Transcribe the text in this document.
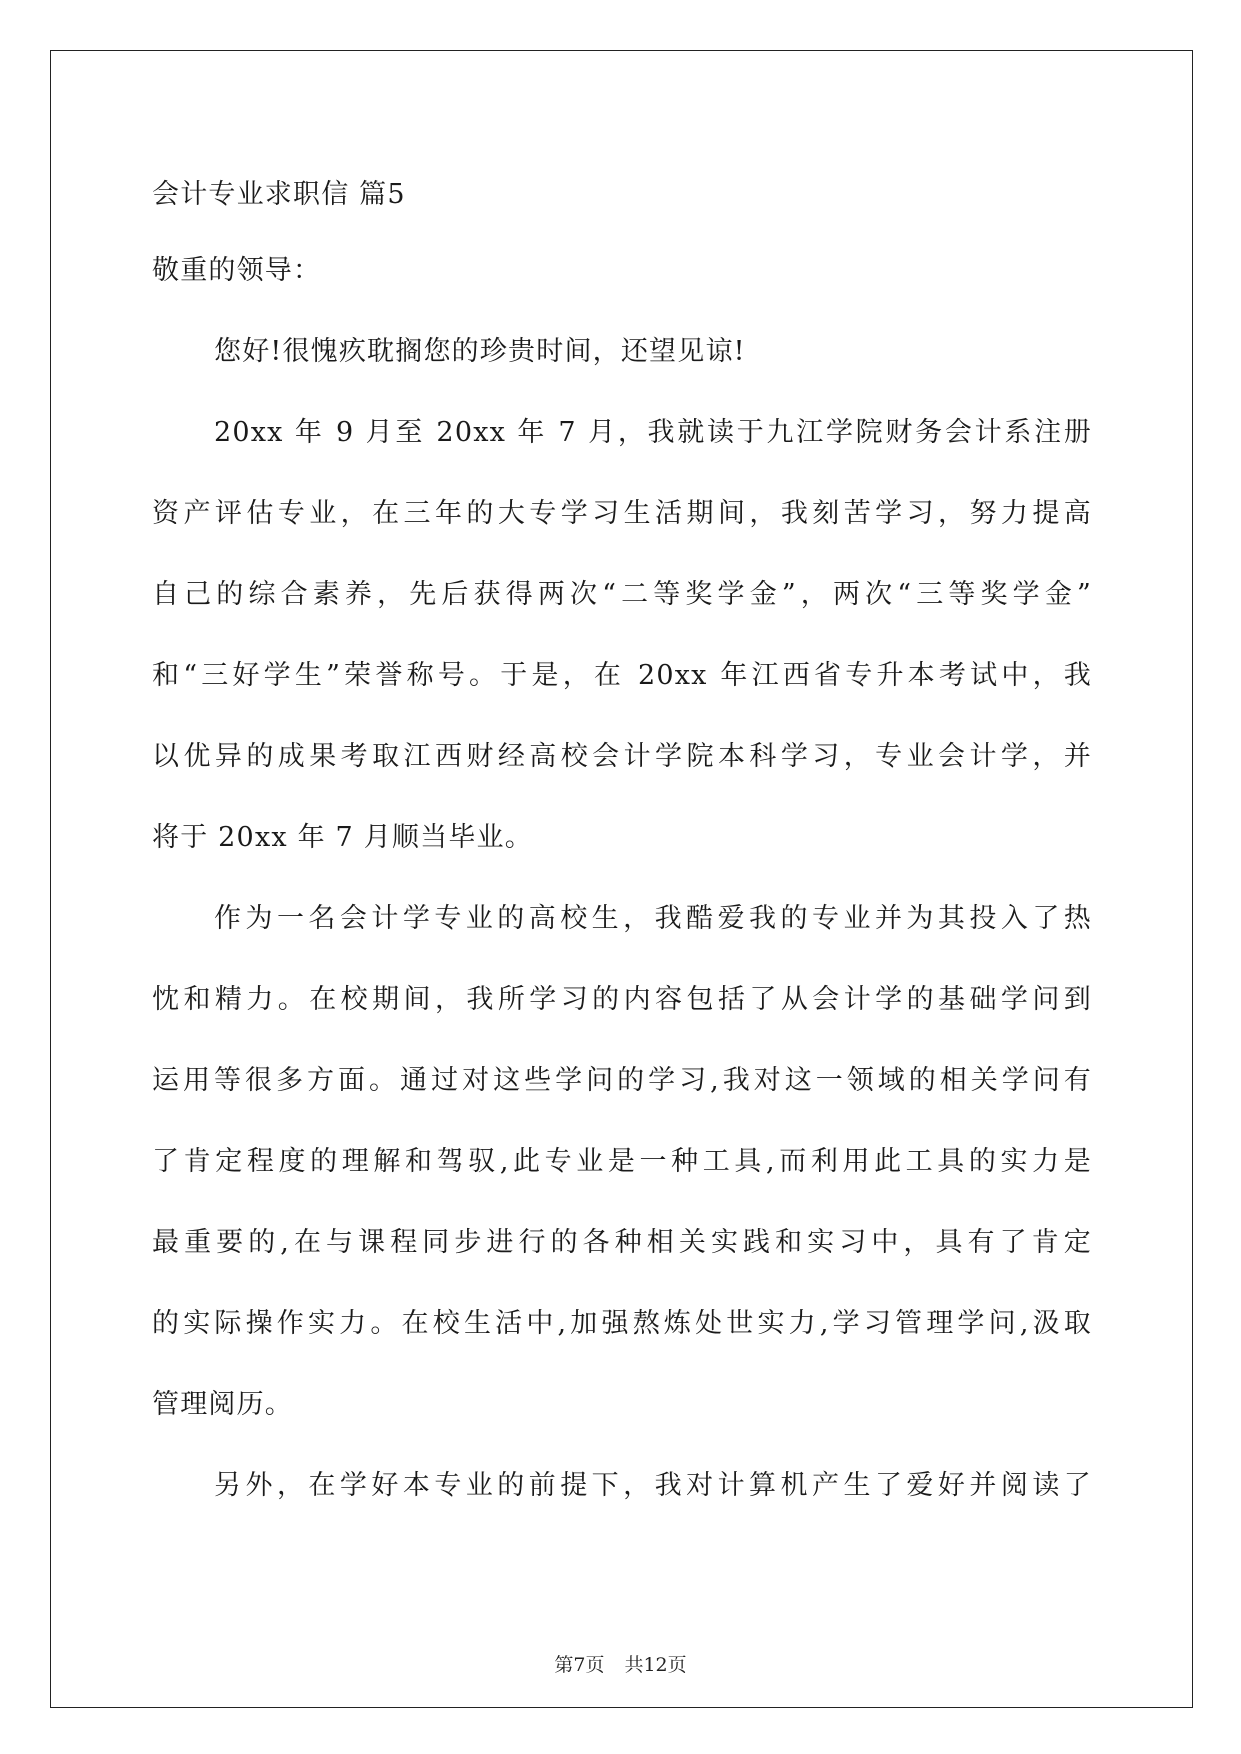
会计专业求职信 篇5
敬重的领导：
您好!很愧疚耽搁您的珍贵时间，还望见谅!
20xx 年 9 月至 20xx 年 7 月，我就读于九江学院财务会计系注册
资产评估专业，在三年的大专学习生活期间，我刻苦学习，努力提高
自己的综合素养，先后获得两次“二等奖学金”，两次“三等奖学金”
和“三好学生”荣誉称号。于是，在 20xx 年江西省专升本考试中，我
以优异的成果考取江西财经高校会计学院本科学习，专业会计学，并
将于 20xx 年 7 月顺当毕业。
作为一名会计学专业的高校生，我酷爱我的专业并为其投入了热
忱和精力。在校期间，我所学习的内容包括了从会计学的基础学问到
运用等很多方面。通过对这些学问的学习,我对这一领域的相关学问有
了肯定程度的理解和驾驭,此专业是一种工具,而利用此工具的实力是
最重要的,在与课程同步进行的各种相关实践和实习中，具有了肯定
的实际操作实力。在校生活中,加强熬炼处世实力,学习管理学问,汲取
管理阅历。
另外，在学好本专业的前提下，我对计算机产生了爱好并阅读了
第7页 共12页
